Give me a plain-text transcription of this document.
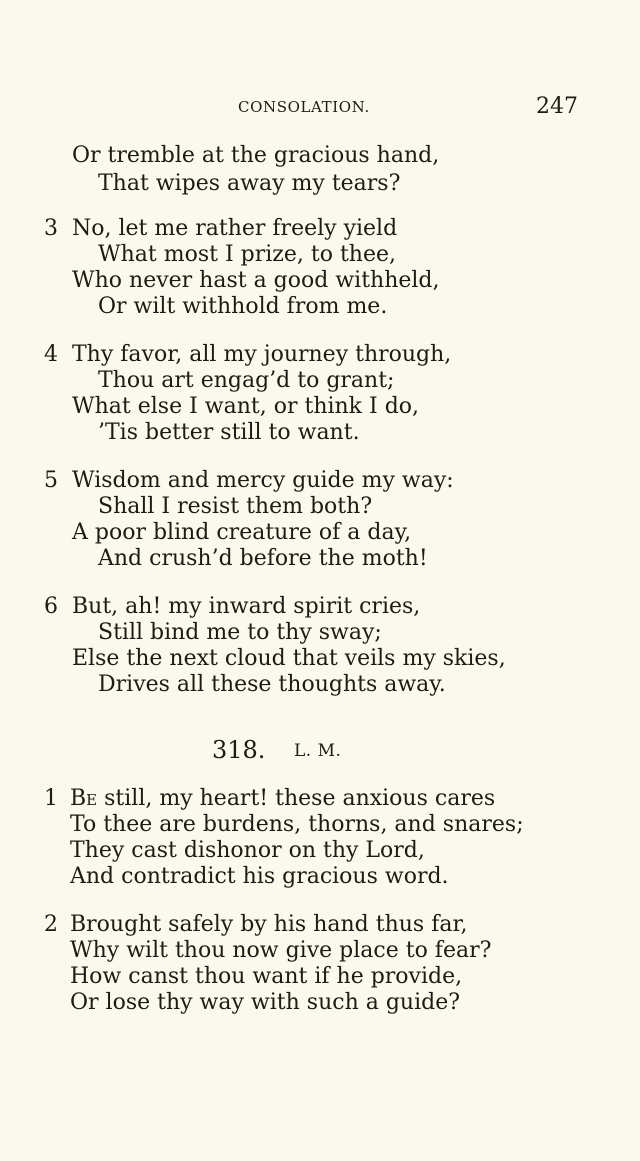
CONSOLATION.	247
Or tremble at the gracious hand,
That wipes away my tears?
3 No, let me rather freely yield
What most I prize, to thee,
Who never hast a good withheld,
Or wilt withhold from me.
4 Thy favor, all my journey through,
Thou art engag’d to grant;
What else I want, or think I do,
’Tis better still to want.
5 Wisdom and mercy guide my way:
Shall I resist them both?
A poor blind creature of a day,
And crush’d before the moth!
6 But, ah! my inward spirit cries,
Still bind me to thy sway;
Else the next cloud that veils my skies,
Drives all these thoughts away.
318. L. M.
1 Be still, my heart! these anxious cares
To thee are burdens, thorns, and snares;
They cast dishonor on thy Lord,
And contradict his gracious word.
2 Brought safely by his hand thus far,
Why wilt thou now give place to fear?
How canst thou want if he provide,
Or lose thy way with such a guide?
